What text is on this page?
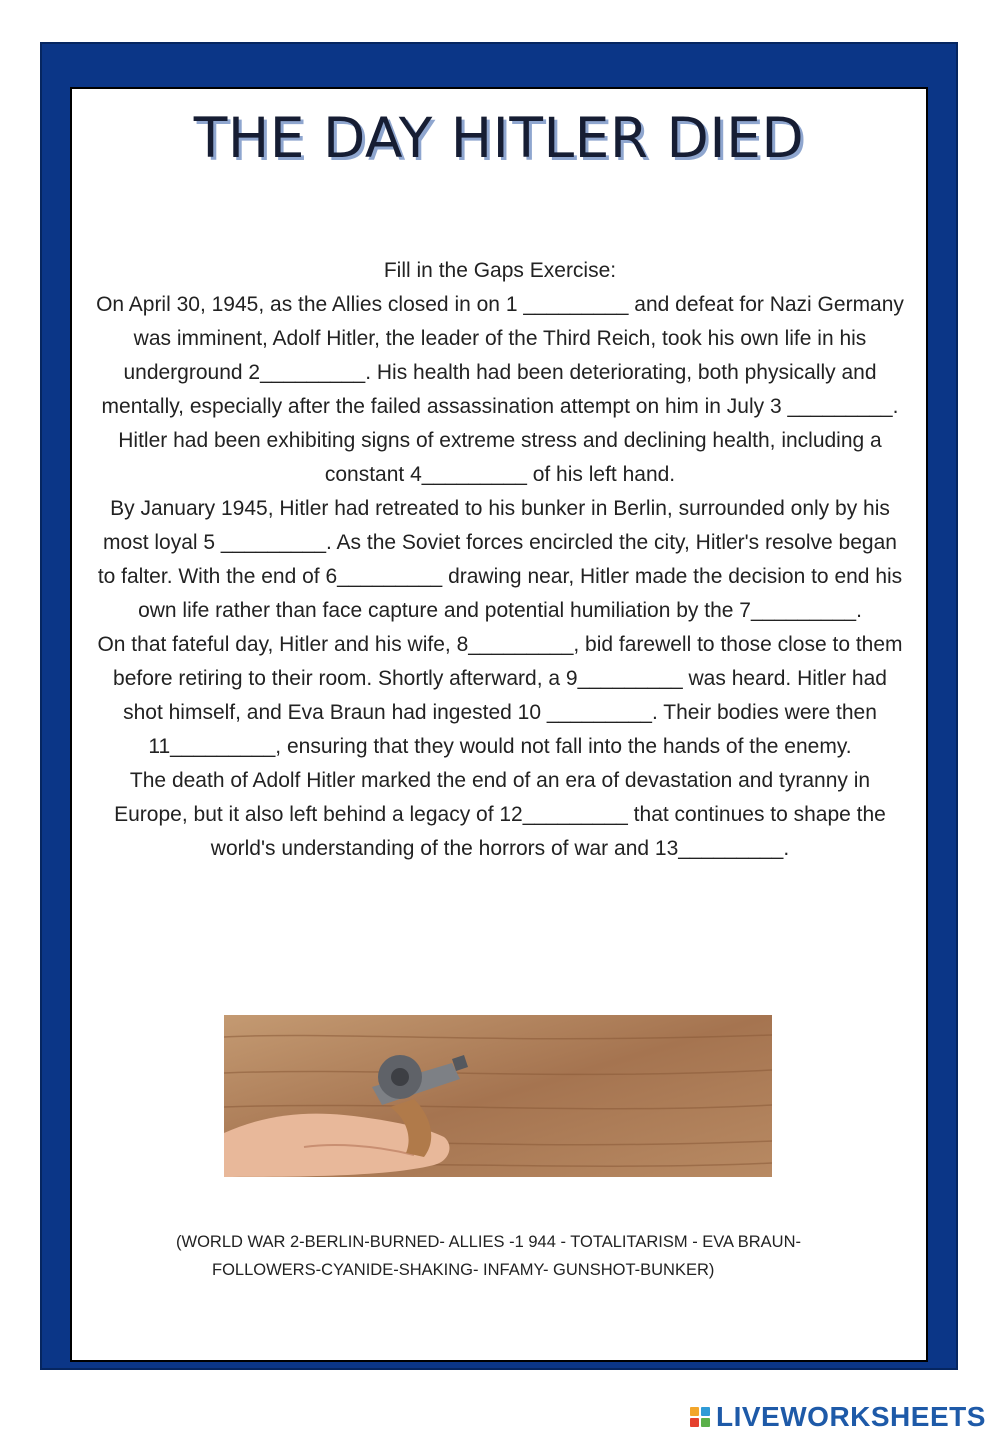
THE DAY HITLER DIED

Fill in the Gaps Exercise:

On April 30, 1945, as the Allies closed in on 1 _________ and defeat for Nazi Germany was imminent, Adolf Hitler, the leader of the Third Reich, took his own life in his underground 2_________. His health had been deteriorating, both physically and mentally, especially after the failed assassination attempt on him in July 3 _________. Hitler had been exhibiting signs of extreme stress and declining health, including a constant 4_________ of his left hand.

By January 1945, Hitler had retreated to his bunker in Berlin, surrounded only by his most loyal 5 _________. As the Soviet forces encircled the city, Hitler's resolve began to falter. With the end of 6_________ drawing near, Hitler made the decision to end his own life rather than face capture and potential humiliation by the 7_________.

On that fateful day, Hitler and his wife, 8_________, bid farewell to those close to them before retiring to their room. Shortly afterward, a 9_________ was heard. Hitler had shot himself, and Eva Braun had ingested 10 _________. Their bodies were then 11_________, ensuring that they would not fall into the hands of the enemy.

The death of Adolf Hitler marked the end of an era of devastation and tyranny in Europe, but it also left behind a legacy of 12_________ that continues to shape the world's understanding of the horrors of war and 13_________.

(WORLD WAR 2-BERLIN-BURNED- ALLIES -1 944 - TOTALITARISM - EVA BRAUN-
FOLLOWERS-CYANIDE-SHAKING- INFAMY- GUNSHOT-BUNKER)
LIVEWORKSHEETS
